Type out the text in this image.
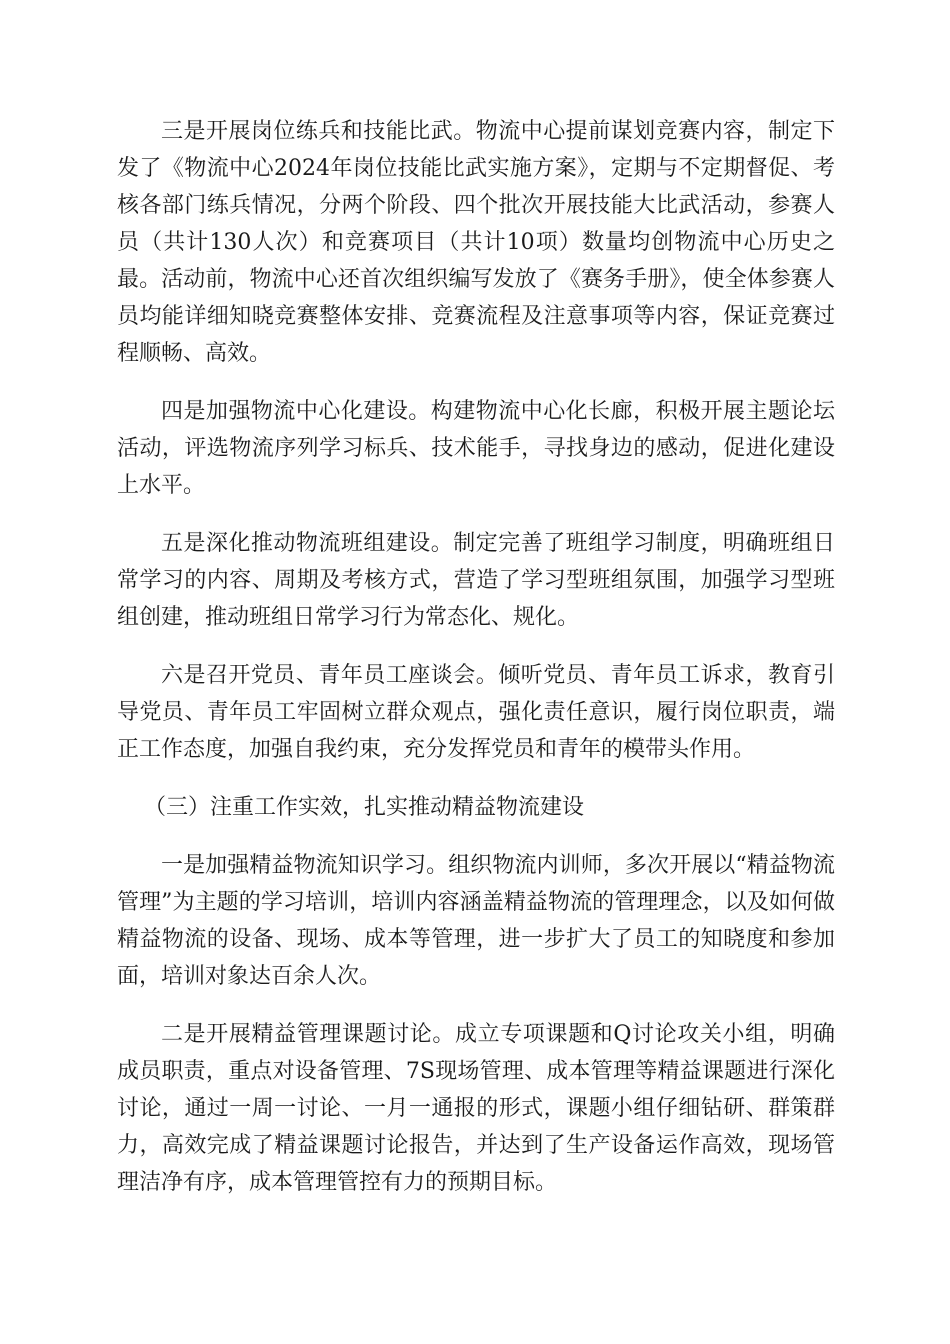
三是开展岗位练兵和技能比武。物流中心提前谋划竞赛内容，制定下发了《物流中心2024年岗位技能比武实施方案》，定期与不定期督促、考核各部门练兵情况，分两个阶段、四个批次开展技能大比武活动，参赛人员（共计130人次）和竞赛项目（共计10项）数量均创物流中心历史之最。活动前，物流中心还首次组织编写发放了《赛务手册》，使全体参赛人员均能详细知晓竞赛整体安排、竞赛流程及注意事项等内容，保证竞赛过程顺畅、高效。

四是加强物流中心化建设。构建物流中心化长廊，积极开展主题论坛活动，评选物流序列学习标兵、技术能手，寻找身边的感动，促进化建设上水平。

五是深化推动物流班组建设。制定完善了班组学习制度，明确班组日常学习的内容、周期及考核方式，营造了学习型班组氛围，加强学习型班组创建，推动班组日常学习行为常态化、规化。

六是召开党员、青年员工座谈会。倾听党员、青年员工诉求，教育引导党员、青年员工牢固树立群众观点，强化责任意识，履行岗位职责，端正工作态度，加强自我约束，充分发挥党员和青年的模带头作用。

（三）注重工作实效，扎实推动精益物流建设

一是加强精益物流知识学习。组织物流内训师，多次开展以“精益物流管理”为主题的学习培训，培训内容涵盖精益物流的管理理念，以及如何做精益物流的设备、现场、成本等管理，进一步扩大了员工的知晓度和参加面，培训对象达百余人次。

二是开展精益管理课题讨论。成立专项课题和Q讨论攻关小组，明确成员职责，重点对设备管理、7S现场管理、成本管理等精益课题进行深化讨论，通过一周一讨论、一月一通报的形式，课题小组仔细钻研、群策群力，高效完成了精益课题讨论报告，并达到了生产设备运作高效，现场管理洁净有序，成本管理管控有力的预期目标。
